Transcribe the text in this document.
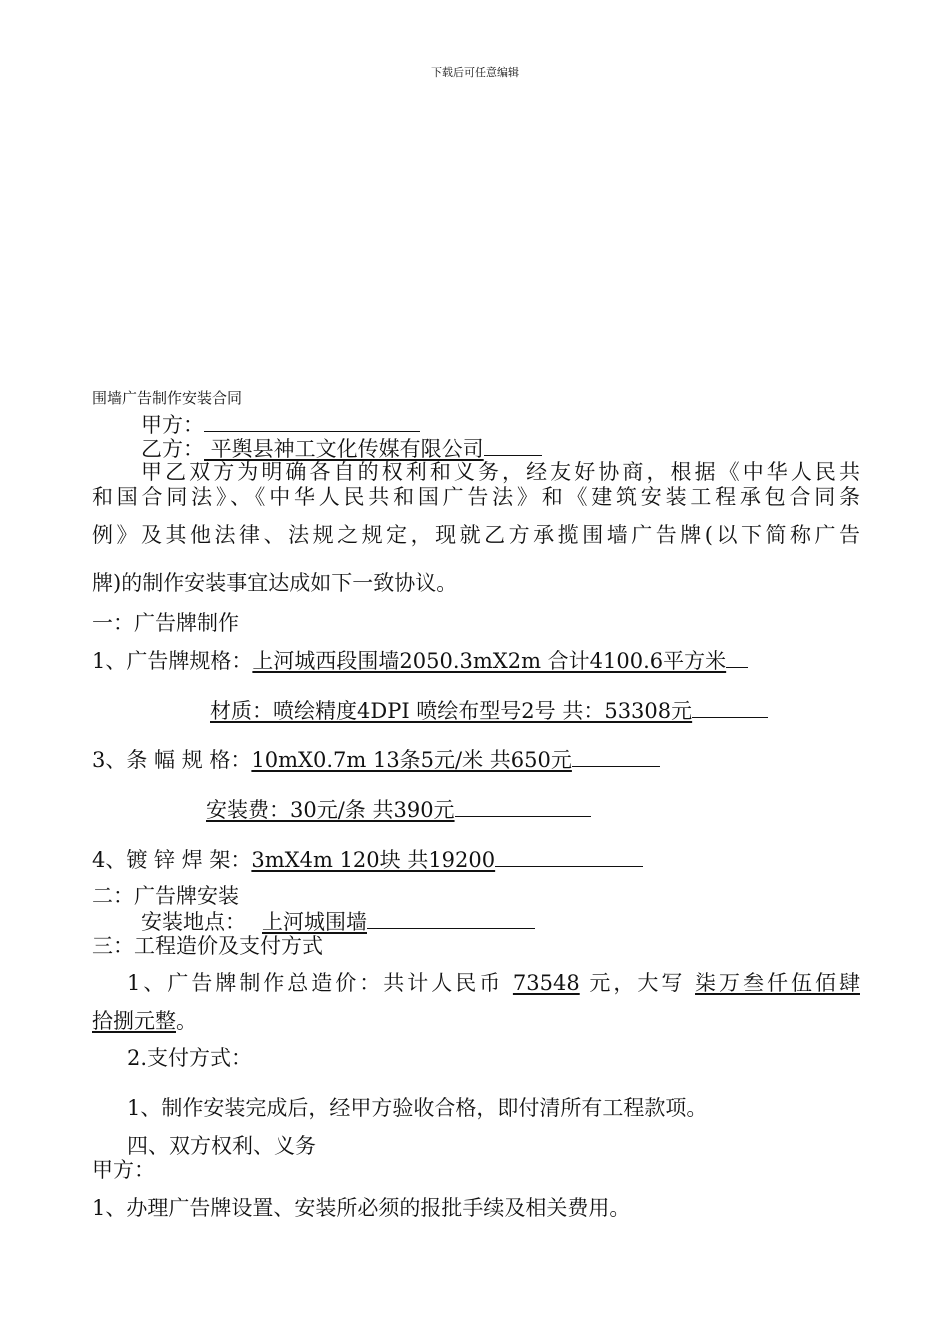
下载后可任意编辑
围墙广告制作安装合同
甲方：
乙方： 平舆县神工文化传媒有限公司
甲乙双方为明确各自的权利和义务，经友好协商，根据《中华人民共
和国合同法》、《中华人民共和国广告法》和《建筑安装工程承包合同条
例》及其他法律、法规之规定，现就乙方承揽围墙广告牌(以下简称广告
牌)的制作安装事宜达成如下一致协议。
一：广告牌制作
1、广告牌规格：上河城西段围墙2050.3mX2m 合计4100.6平方米
材质：喷绘精度4DPI 喷绘布型号2号 共：53308元
3、条 幅 规 格：10mX0.7m 13条5元/米 共650元
安装费：30元/条 共390元
4、镀 锌 焊 架：3mX4m 120块 共19200
二：广告牌安装
安装地点： 上河城围墙
三：工程造价及支付方式
1、广告牌制作总造价：共计人民币 73548 元，大写 柒万叁仟伍佰肆
拾捌元整。
2.支付方式：
1、制作安装完成后，经甲方验收合格，即付清所有工程款项。
四、双方权利、义务
甲方：
1、办理广告牌设置、安装所必须的报批手续及相关费用。
